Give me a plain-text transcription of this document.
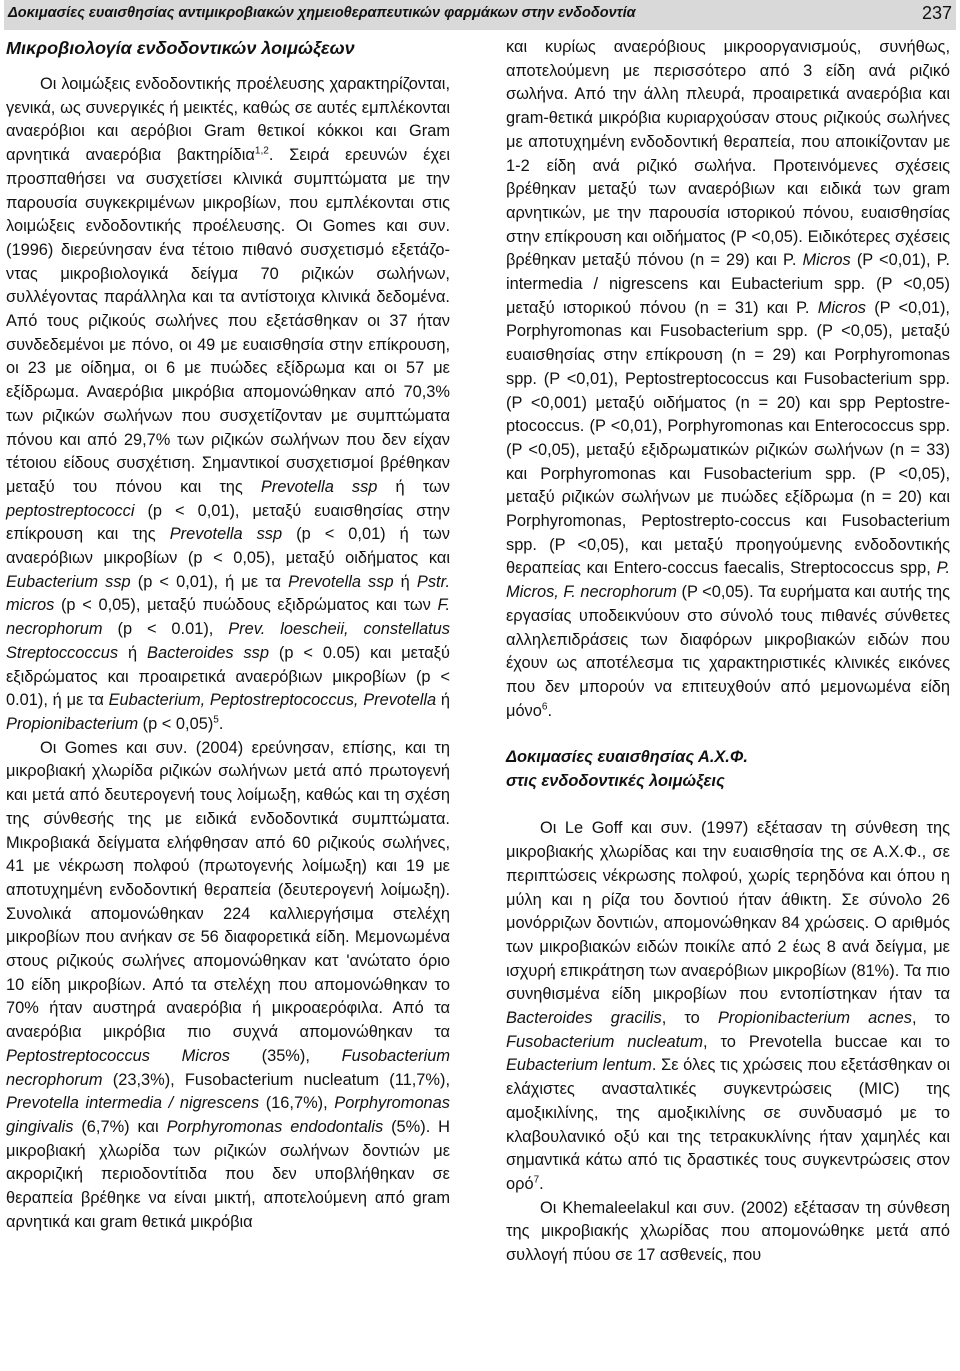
Δοκιμασίες ευαισθησίας αντιμικροβιακών χημειοθεραπευτικών φαρμάκων στην ενδοδοντία	237
Μικροβιολογία ενδοδοντικών λοιμώξεων

Οι λοιμώξεις ενδοδοντικής προέλευσης χαρακτηρίζονται, γενικά, ως συνεργικές ή μεικτές, καθώς σε αυτές εμπλέκονται αναερόβιοι και αερόβιοι Gram θετικοί κόκκοι και Gram αρνητικά αναερόβια βακτηρίδια$^{1,2}$. Σειρά ερευνών έχει προσπαθήσει να συσχετίσει κλινικά συμπτώματα με την παρουσία συγκεκριμένων μικροβίων, που εμπλέκονται στις λοιμώξεις ενδοδοντικής προέλευσης. Οι Gomes και συν. (1996) διερεύνησαν ένα τέτοιο πιθανό συσχετισμό εξετάζοντας μικροβιολογικά δείγμα 70 ριζικών σωλήνων, συλλέγοντας παράλληλα και τα αντίστοιχα κλινικά δεδομένα. Από τους ριζικούς σωλήνες που εξετάσθηκαν οι 37 ήταν συνδεδεμένοι με πόνο, οι 49 με ευαισθησία στην επίκρουση, οι 23 με οίδημα, οι 6 με πυώδες εξίδρωμα και οι 57 με εξίδρωμα. Αναερόβια μικρόβια απομονώθηκαν από 70,3% των ριζικών σωλήνων που συσχετίζονταν με συμπτώματα πόνου και από 29,7% των ριζικών σωλήνων που δεν είχαν τέτοιου είδους συσχέτιση. Σημαντικοί συσχετισμοί βρέθηκαν μεταξύ του πόνου και της Prevotella ssp ή των peptostreptococci (p < 0,01), μεταξύ ευαισθησίας στην επίκρουση και της Prevotella ssp (p < 0,01) ή των αναερόβιων μικροβίων (p < 0,05), μεταξύ οιδήματος και Eubacterium ssp (p < 0,01), ή με τα Prevotella ssp ή Pstr. micros (p < 0,05), μεταξύ πυώδους εξιδρώματος και των F. necrophorum (p < 0.01), Prev. loescheii, constellatus Streptoccoccus ή Bacteroides ssp (p < 0.05) και μεταξύ εξιδρώματος και προαιρετικά αναερόβιων μικροβίων (p < 0.01), ή με τα Eubacterium, Peptostreptococcus, Prevotella ή Propionibacterium (p < 0,05)$^5$.

Οι Gomes και συν. (2004) ερεύνησαν, επίσης, και τη μικροβιακή χλωρίδα ριζικών σωλήνων μετά από πρωτογενή και μετά από δευτερογενή τους λοίμωξη, καθώς και τη σχέση της σύνθεσής της με ειδικά ενδοδοντικά συμπτώματα. Μικροβιακά δείγματα ελήφθησαν από 60 ριζικούς σωλήνες, 41 με νέκρωση πολφού (πρωτογενής λοίμωξη) και 19 με αποτυχημένη ενδοδοντική θεραπεία (δευτερογενή λοίμωξη). Συνολικά απομονώθηκαν 224 καλλιεργήσιμα στελέχη μικροβίων που ανήκαν σε 56 διαφορετικά είδη. Μεμονωμένα στους ριζικούς σωλήνες απομονώθηκαν κατ 'ανώτατο όριο 10 είδη μικροβίων. Από τα στελέχη που απομονώθηκαν το 70% ήταν αυστηρά αναερόβια ή μικροαερόφιλα. Από τα αναερόβια μικρόβια πιο συχνά απομονώθηκαν τα Peptostreptococcus Micros (35%), Fusobacterium necrophorum (23,3%), Fusobacterium nucleatum (11,7%), Prevotella intermedia / nigrescens (16,7%), Porphyromonas gingivalis (6,7%) και Porphyromonas endodontalis (5%). Η μικροβιακή χλωρίδα των ριζικών σωλήνων δοντιών με ακροριζική περιοδοντίτιδα που δεν υποβλήθηκαν σε θεραπεία βρέθηκε να είναι μικτή, αποτελούμενη από gram αρνητικά και gram θετικά μικρόβια

και κυρίως αναερόβιους μικροοργανισμούς, συνήθως, αποτελούμενη με περισσότερο από 3 είδη ανά ριζικό σωλήνα. Από την άλλη πλευρά, προαιρετικά αναερόβια και gram-θετικά μικρόβια κυριαρχούσαν στους ριζικούς σωλήνες με αποτυχημένη ενδοδοντική θεραπεία, που αποικίζονταν με 1-2 είδη ανά ριζικό σωλήνα. Προτεινόμενες σχέσεις βρέθηκαν μεταξύ των αναερόβιων και ειδικά των gram αρνητικών, με την παρουσία ιστορικού πόνου, ευαισθησίας στην επίκρουση και οιδήματος (P <0,05). Ειδικότερες σχέσεις βρέθηκαν μεταξύ πόνου (n = 29) και P. Micros (P <0,01), P. intermedia / nigrescens και Eubacterium spp. (P <0,05) μεταξύ ιστορικού πόνου (n = 31) και P. Micros (P <0,01), Porphyromonas και Fusobacterium spp. (P <0,05), μεταξύ ευαισθησίας στην επίκρουση (n = 29) και Porphyromonas spp. (P <0,01), Peptostreptococcus και Fusobacterium spp. (P <0,001) μεταξύ οιδήματος (n = 20) και spp Peptostre-ptococcus. (P <0,01), Porphyromonas και Enterococcus spp. (P <0,05), μεταξύ εξιδρωματικών ριζικών σωλήνων (n = 33) και Porphyromonas και Fusobacterium spp. (P <0,05), μεταξύ ριζικών σωλήνων με πυώδες εξίδρωμα (n = 20) και Porphyromonas, Peptostrepto-coccus και Fusobacterium spp. (P <0,05), και μεταξύ προηγούμενης ενδοδοντικής θεραπείας και Entero-coccus faecalis, Streptococcus spp, P. Micros, F. necrophorum (P <0,05). Τα ευρήματα και αυτής της εργασίας υποδεικνύουν στο σύνολό τους πιθανές σύνθετες αλληλεπιδράσεις των διαφόρων μικροβιακών ειδών που έχουν ως αποτέλεσμα τις χαρακτηριστικές κλινικές εικόνες που δεν μπορούν να επιτευχθούν από μεμονωμένα είδη μόνο$^6$.

Δοκιμασίες ευαισθησίας Α.Χ.Φ.
στις ενδοδοντικές λοιμώξεις

Οι Le Goff και συν. (1997) εξέτασαν τη σύνθεση της μικροβιακής χλωρίδας και την ευαισθησία της σε Α.Χ.Φ., σε περιπτώσεις νέκρωσης πολφού, χωρίς τερηδόνα και όπου η μύλη και η ρίζα του δοντιού ήταν άθικτη. Σε σύνολο 26 μονόρριζων δοντιών, απομονώθηκαν 84 χρώσεις. Ο αριθμός των μικροβιακών ειδών ποικίλε από 2 έως 8 ανά δείγμα, με ισχυρή επικράτηση των αναερόβιων μικροβίων (81%). Τα πιο συνηθισμένα είδη μικροβίων που εντοπίστηκαν ήταν τα Bacteroides gracilis, το Propionibacterium acnes, το Fusobacterium nucleatum, το Prevotella buccae και το Eubacterium lentum. Σε όλες τις χρώσεις που εξετάσθηκαν οι ελάχιστες ανασταλτικές συγκεντρώσεις (MIC) της αμοξικιλίνης, της αμοξικιλίνης σε συνδυασμό με το κλαβουλανικό οξύ και της τετρακυκλίνης ήταν χαμηλές και σημαντικά κάτω από τις δραστικές τους συγκεντρώσεις στον ορό$^7$.

Οι Khemaleelakul και συν. (2002) εξέτασαν τη σύνθεση της μικροβιακής χλωρίδας που απομονώθηκε μετά από συλλογή πύου σε 17 ασθενείς, που
